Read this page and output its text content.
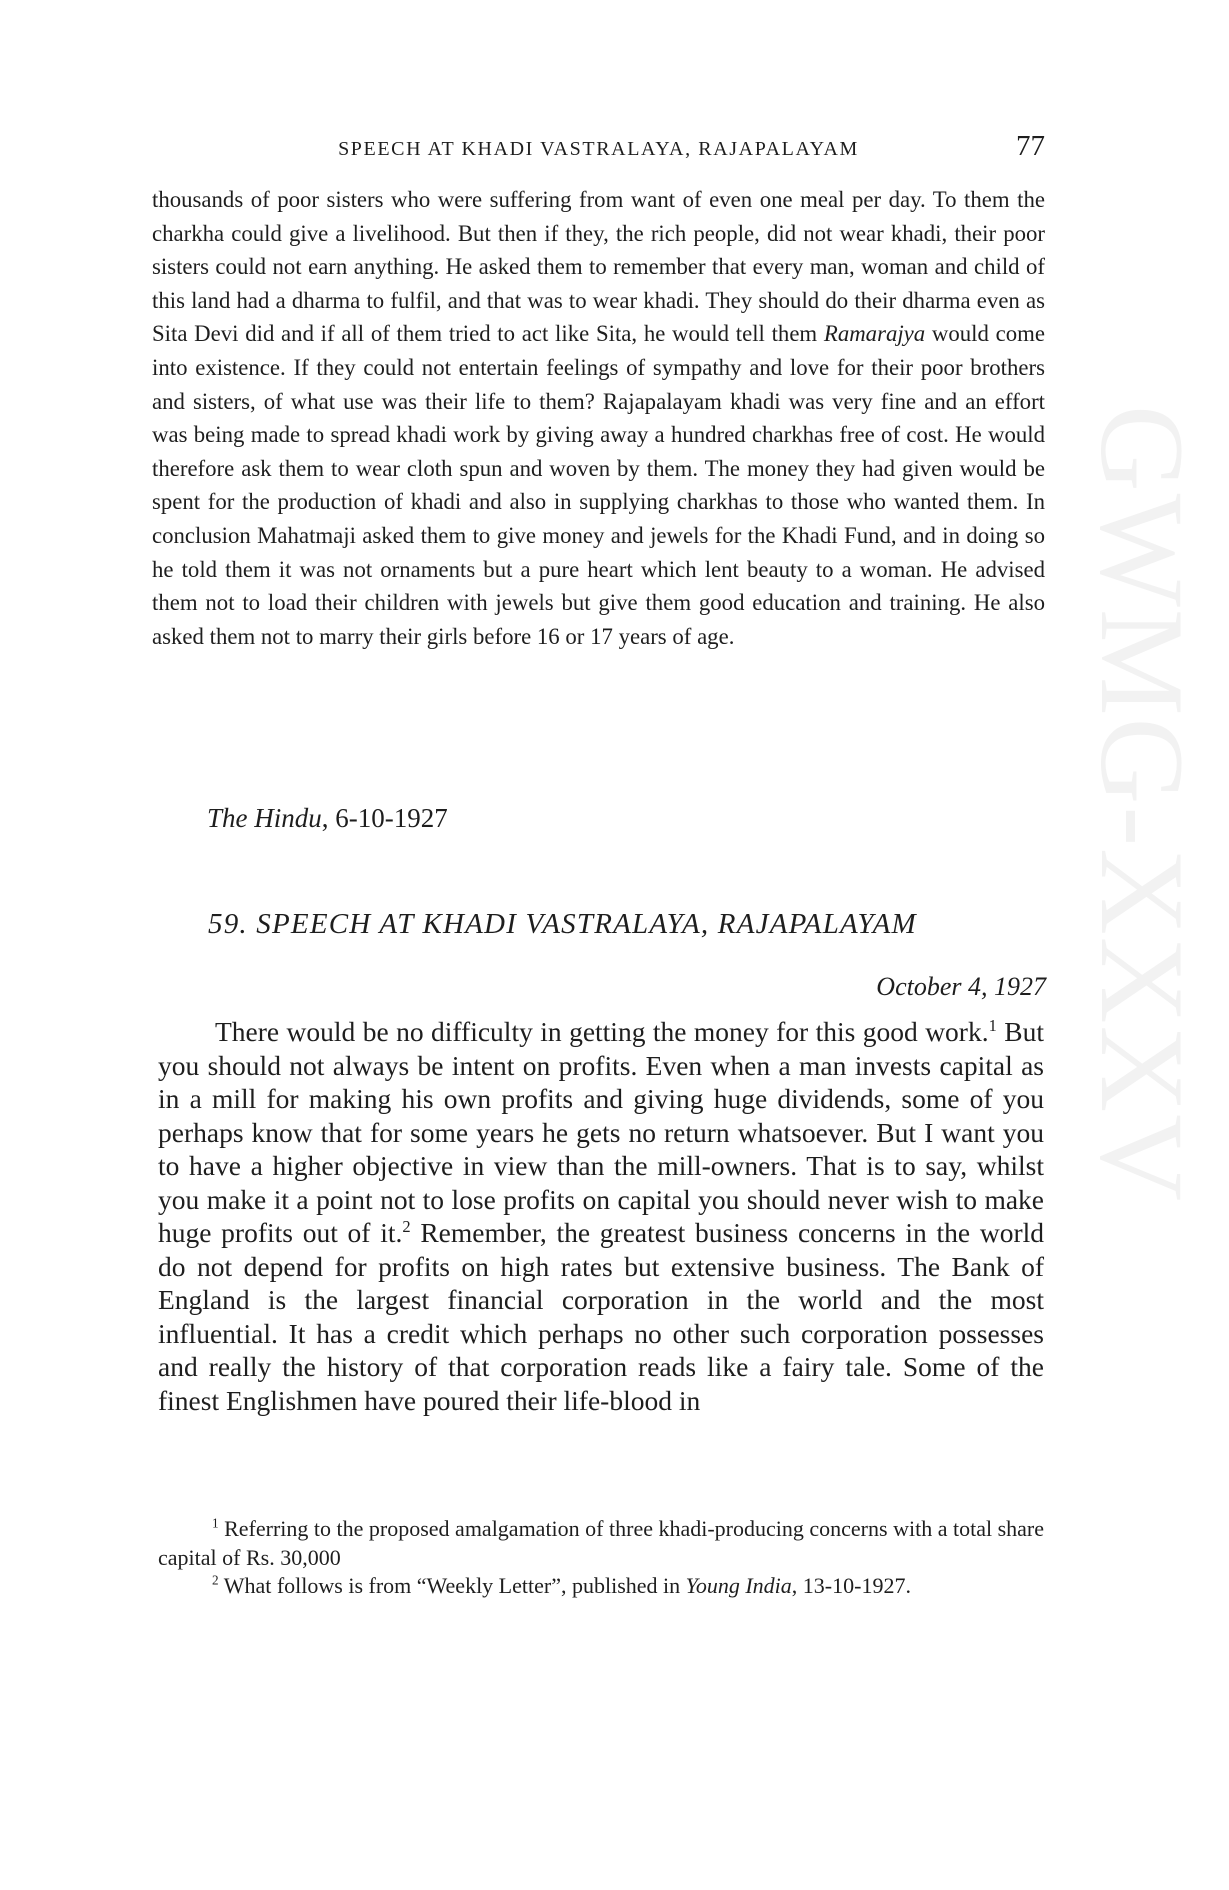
GWMG-XXXV
SPEECH AT KHADI VASTRALAYA, RAJAPALAYAM	77

thousands of poor sisters who were suffering from want of even one meal per day. To them the charkha could give a livelihood. But then if they, the rich people, did not wear khadi, their poor sisters could not earn anything. He asked them to remember that every man, woman and child of this land had a dharma to fulfil, and that was to wear khadi. They should do their dharma even as Sita Devi did and if all of them tried to act like Sita, he would tell them Ramarajya would come into existence. If they could not entertain feelings of sympathy and love for their poor brothers and sisters, of what use was their life to them? Rajapalayam khadi was very fine and an effort was being made to spread khadi work by giving away a hundred charkhas free of cost. He would therefore ask them to wear cloth spun and woven by them. The money they had given would be spent for the production of khadi and also in supplying charkhas to those who wanted them. In conclusion Mahatmaji asked them to give money and jewels for the Khadi Fund, and in doing so he told them it was not ornaments but a pure heart which lent beauty to a woman. He advised them not to load their children with jewels but give them good education and training. He also asked them not to marry their girls before 16 or 17 years of age.

The Hindu, 6-10-1927
59. SPEECH AT KHADI VASTRALAYA, RAJAPALAYAM
October 4, 1927

There would be no difficulty in getting the money for this good work.$^1$ But you should not always be intent on profits. Even when a man invests capital as in a mill for making his own profits and giving huge dividends, some of you perhaps know that for some years he gets no return whatsoever. But I want you to have a higher objective in view than the mill-owners. That is to say, whilst you make it a point not to lose profits on capital you should never wish to make huge profits out of it.$^2$ Remember, the greatest business concerns in the world do not depend for profits on high rates but extensive business. The Bank of England is the largest financial corporation in the world and the most influential. It has a credit which perhaps no other such corporation possesses and really the history of that corporation reads like a fairy tale. Some of the finest Englishmen have poured their life-blood in

$^1$ Referring to the proposed amalgamation of three khadi-producing concerns with a total share capital of Rs. 30,000

$^2$ What follows is from “Weekly Letter”, published in Young India, 13-10-1927.
